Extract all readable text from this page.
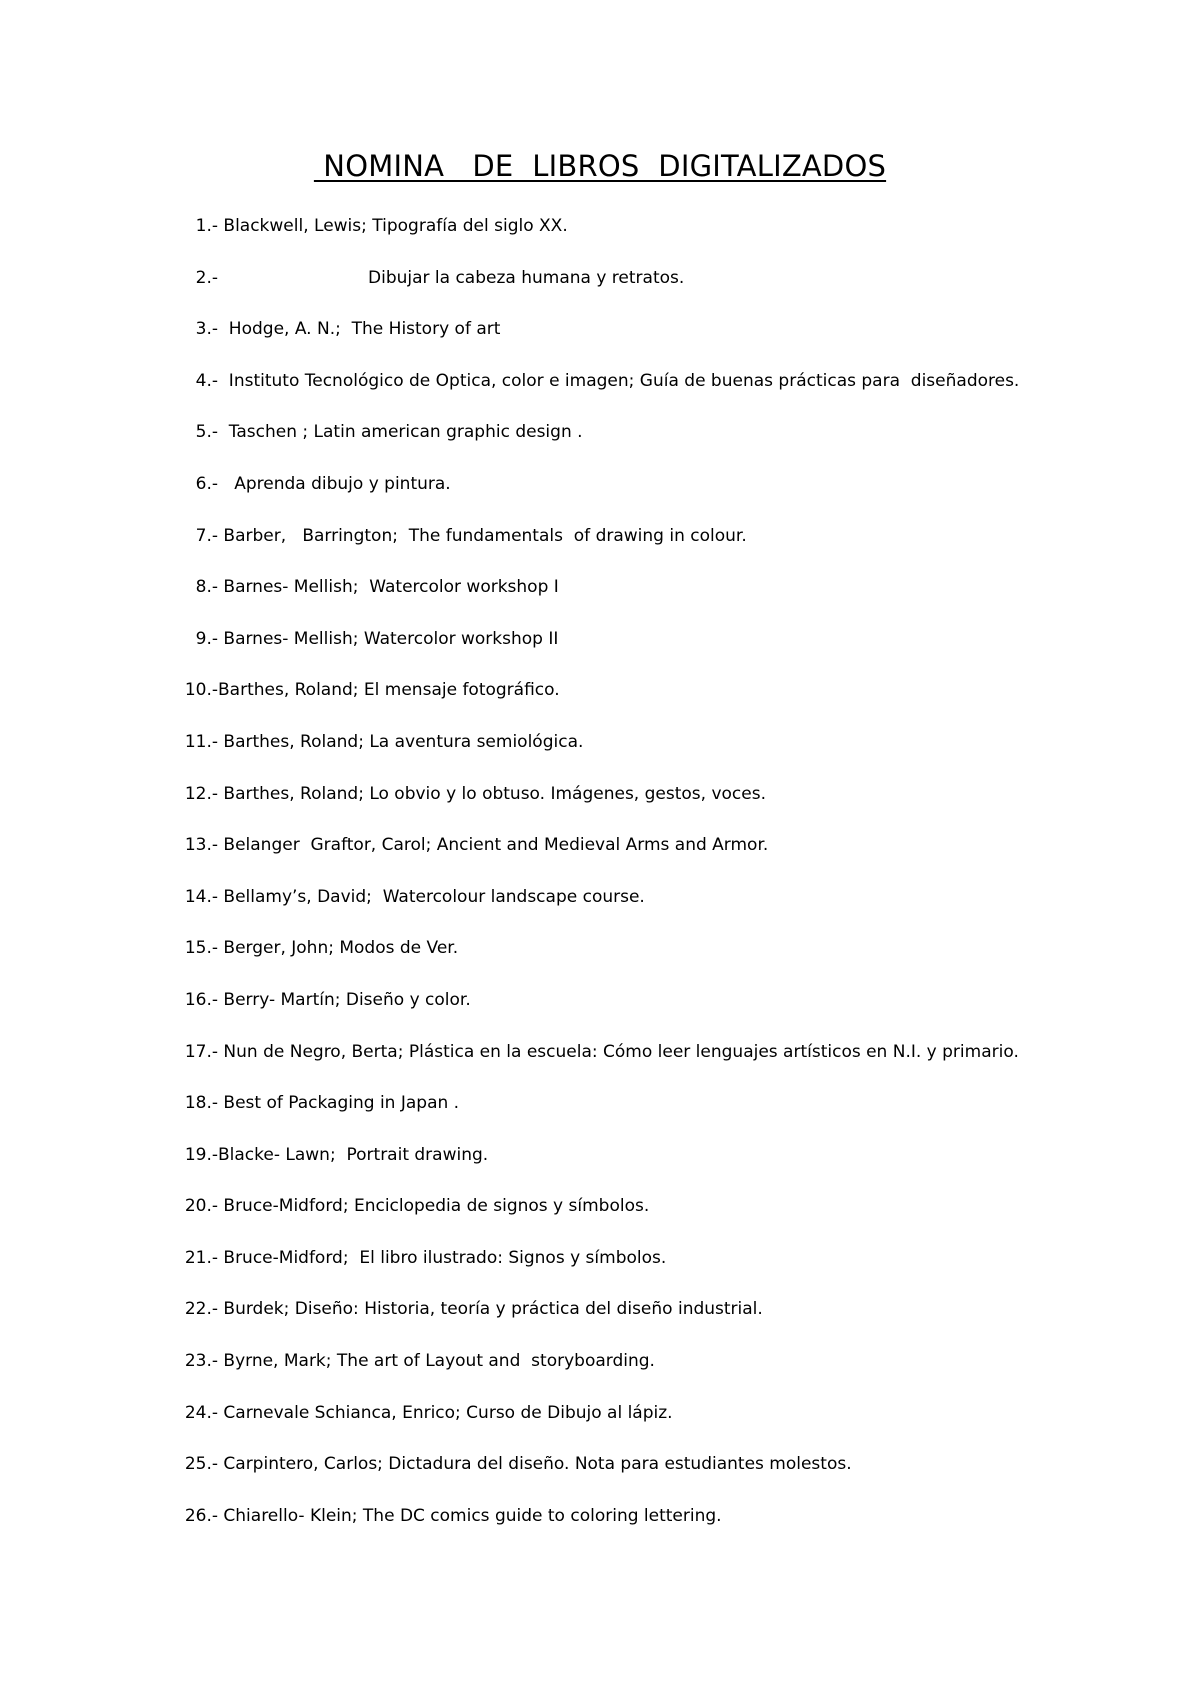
NOMINA   DE  LIBROS  DIGITALIZADOS
1.- Blackwell, Lewis; Tipografía del siglo XX.
2.-	Dibujar la cabeza humana y retratos.
3.- Hodge, A. N.;  The History of art
4.- Instituto Tecnológico de Optica, color e imagen; Guía de buenas prácticas para  diseñadores.
5.- Taschen ; Latin american graphic design .
6.- Aprenda dibujo y pintura.
7.- Barber,   Barrington;  The fundamentals  of drawing in colour.
8.- Barnes- Mellish;  Watercolor workshop I
9.- Barnes- Mellish; Watercolor workshop II
10.- Barthes, Roland; El mensaje fotográfico.
11.- Barthes, Roland; La aventura semiológica.
12.- Barthes, Roland; Lo obvio y lo obtuso. Imágenes, gestos, voces.
13.- Belanger  Graftor, Carol; Ancient and Medieval Arms and Armor.
14.- Bellamy’s, David;  Watercolour landscape course.
15.- Berger, John; Modos de Ver.
16.- Berry- Martín; Diseño y color.
17.- Nun de Negro, Berta; Plástica en la escuela: Cómo leer lenguajes artísticos en N.I. y primario.
18.- Best of Packaging in Japan .
19.- Blacke- Lawn;  Portrait drawing.
20.- Bruce-Midford; Enciclopedia de signos y símbolos.
21.- Bruce-Midford;  El libro ilustrado: Signos y símbolos.
22.- Burdek; Diseño: Historia, teoría y práctica del diseño industrial.
23.- Byrne, Mark; The art of Layout and  storyboarding.
24.- Carnevale Schianca, Enrico; Curso de Dibujo al lápiz.
25.- Carpintero, Carlos; Dictadura del diseño. Nota para estudiantes molestos.
26.- Chiarello- Klein; The DC comics guide to coloring lettering.
